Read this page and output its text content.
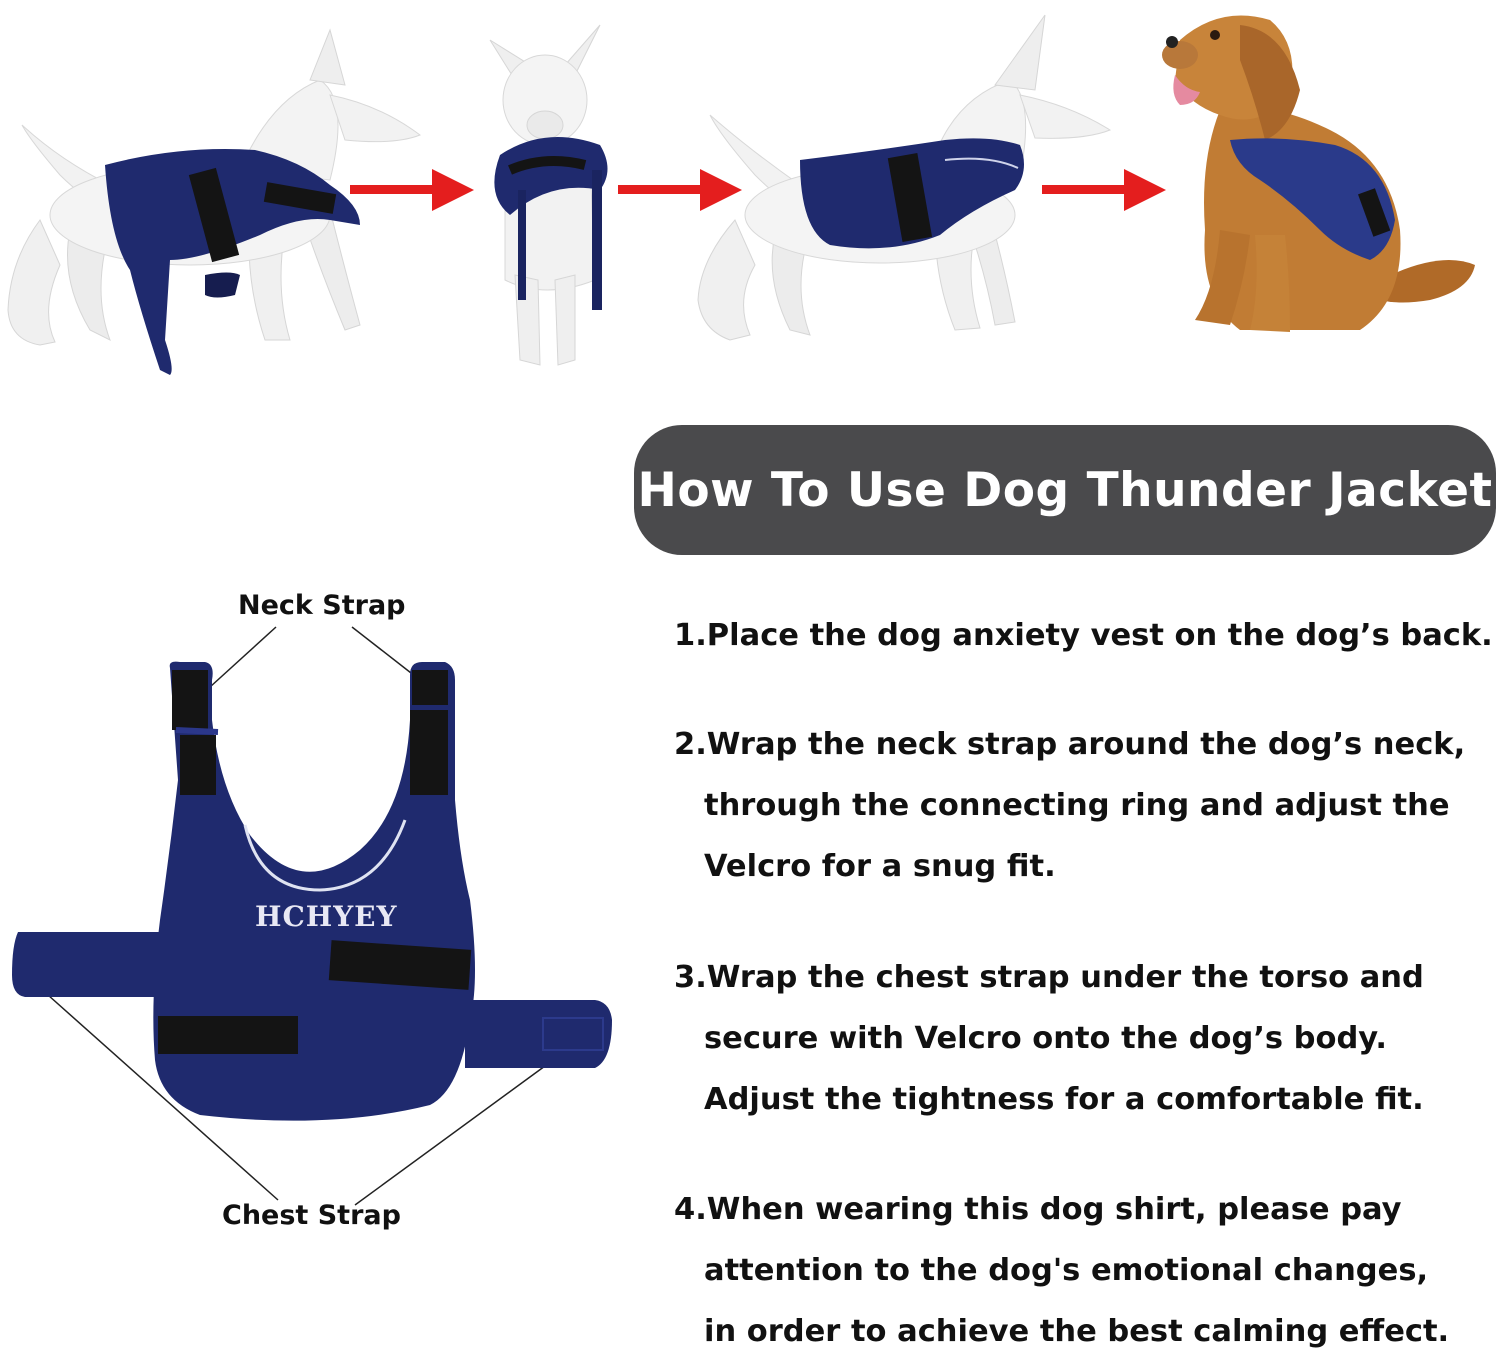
How To Use Dog Thunder Jacket
Neck Strap
HCHYEY
Chest Strap
1.Place the dog anxiety vest on the dog’s back.
2.Wrap the neck strap around the dog’s neck,
through the connecting ring and adjust the
Velcro for a snug fit.
3.Wrap the chest strap under the torso and
secure with Velcro onto the dog’s body.
Adjust the tightness for a comfortable fit.
4.When wearing this dog shirt, please pay
attention to the dog's emotional changes,
in order to achieve the best calming effect.
